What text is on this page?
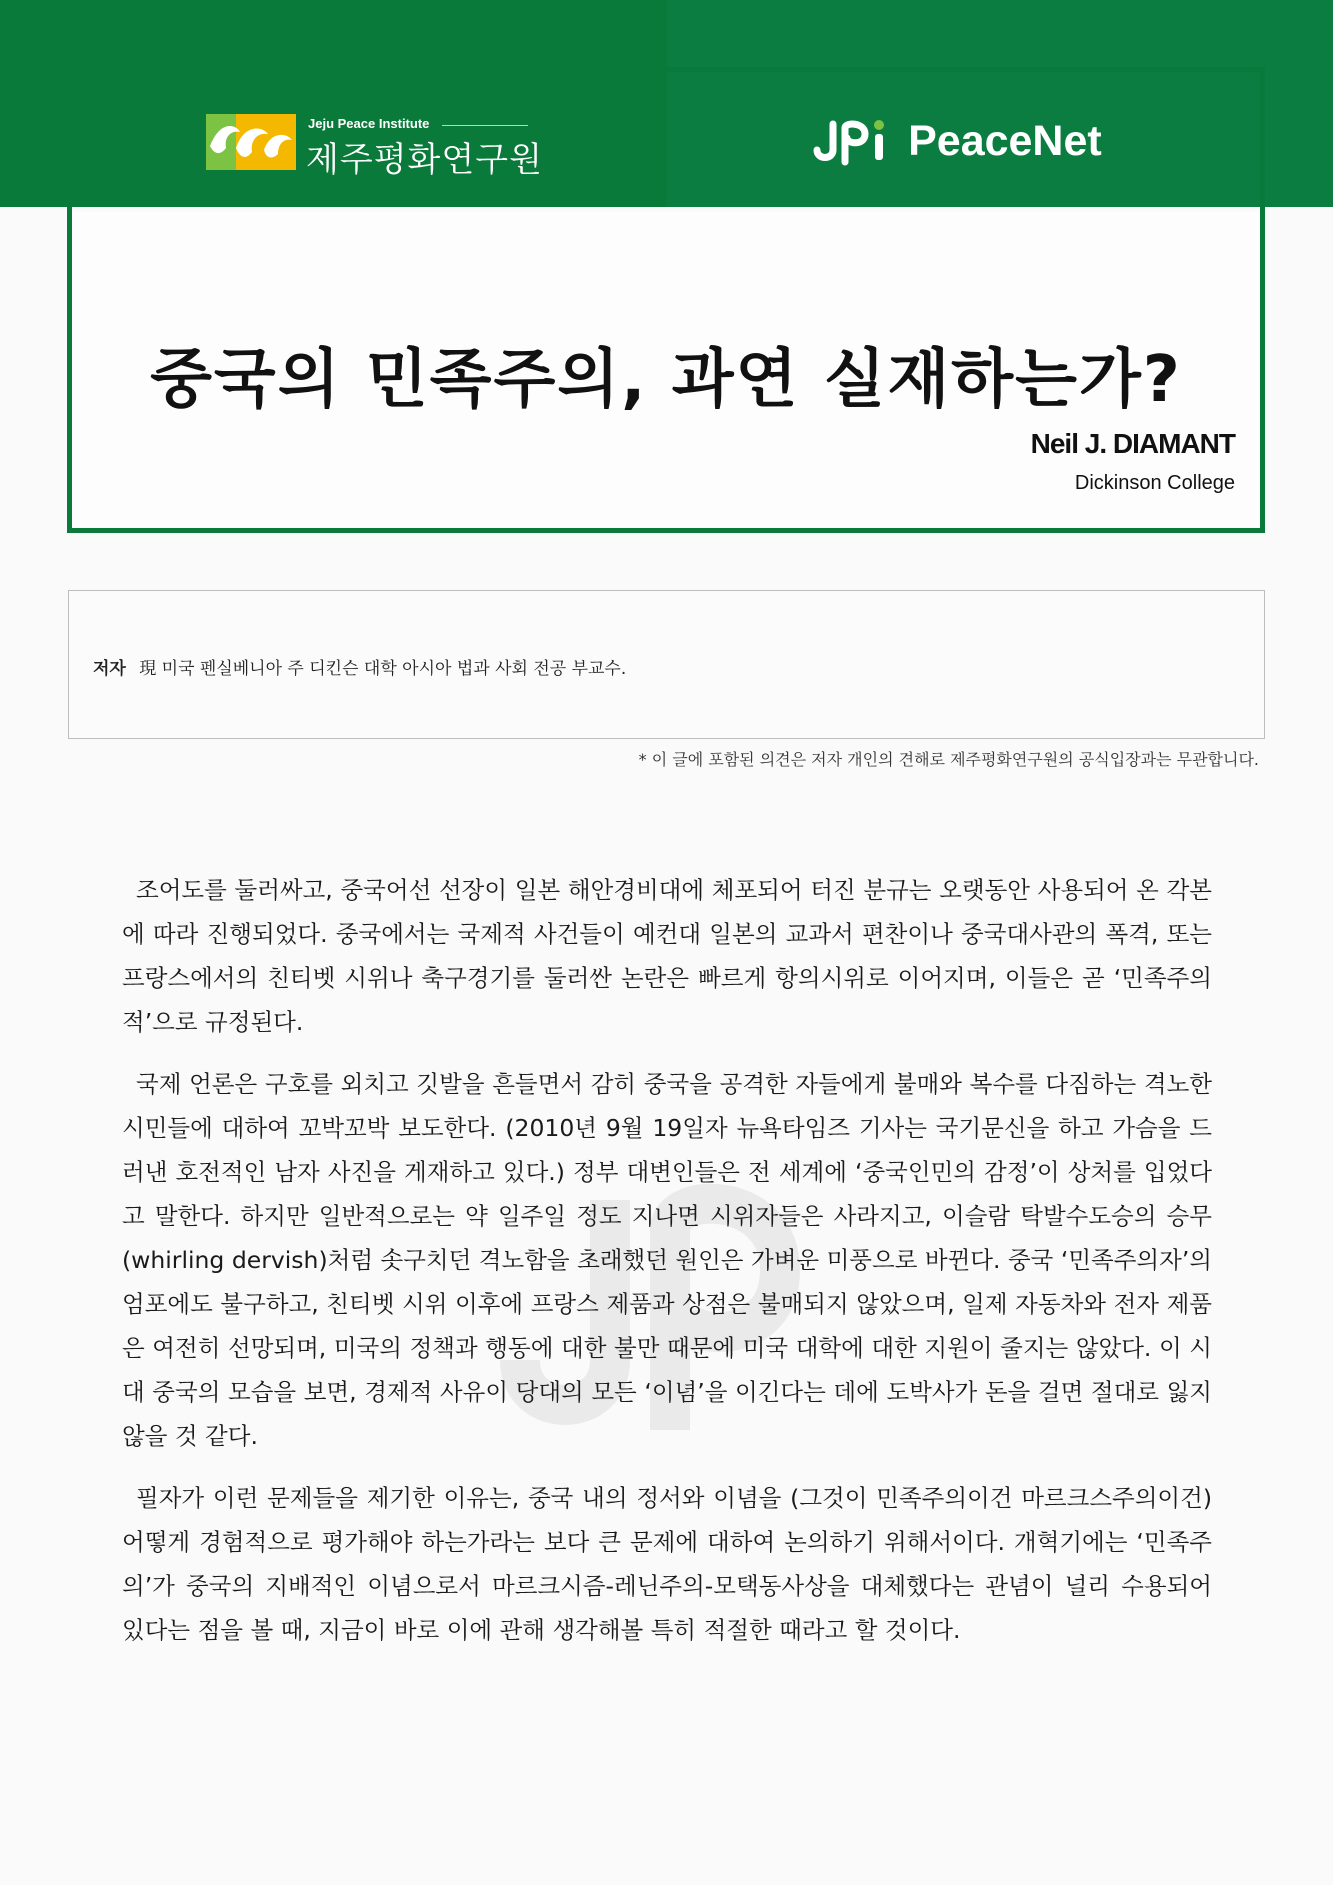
Jeju Peace Institute
제주평화연구원	PeaceNet
중국의 민족주의, 과연 실재하는가?
Neil J. DIAMANT
Dickinson College
저자 現 미국 펜실베니아 주 디킨슨 대학 아시아 법과 사회 전공 부교수.
* 이 글에 포함된 의견은 저자 개인의 견해로 제주평화연구원의 공식입장과는 무관합니다.

조어도를 둘러싸고, 중국어선 선장이 일본 해안경비대에 체포되어 터진 분규는 오랫동안 사용되어 온 각본에 따라 진행되었다. 중국에서는 국제적 사건들이 예컨대 일본의 교과서 편찬이나 중국대사관의 폭격, 또는 프랑스에서의 친티벳 시위나 축구경기를 둘러싼 논란은 빠르게 항의시위로 이어지며, 이들은 곧 ‘민족주의적’으로 규정된다.

국제 언론은 구호를 외치고 깃발을 흔들면서 감히 중국을 공격한 자들에게 불매와 복수를 다짐하는 격노한 시민들에 대하여 꼬박꼬박 보도한다. (2010년 9월 19일자 뉴욕타임즈 기사는 국기문신을 하고 가슴을 드러낸 호전적인 남자 사진을 게재하고 있다.) 정부 대변인들은 전 세계에 ‘중국인민의 감정’이 상처를 입었다고 말한다. 하지만 일반적으로는 약 일주일 정도 지나면 시위자들은 사라지고, 이슬람 탁발수도승의 승무(whirling dervish)처럼 솟구치던 격노함을 초래했던 원인은 가벼운 미풍으로 바뀐다. 중국 ‘민족주의자’의 엄포에도 불구하고, 친티벳 시위 이후에 프랑스 제품과 상점은 불매되지 않았으며, 일제 자동차와 전자 제품은 여전히 선망되며, 미국의 정책과 행동에 대한 불만 때문에 미국 대학에 대한 지원이 줄지는 않았다. 이 시대 중국의 모습을 보면, 경제적 사유이 당대의 모든 ‘이념’을 이긴다는 데에 도박사가 돈을 걸면 절대로 잃지 않을 것 같다.

필자가 이런 문제들을 제기한 이유는, 중국 내의 정서와 이념을 (그것이 민족주의이건 마르크스주의이건) 어떻게 경험적으로 평가해야 하는가라는 보다 큰 문제에 대하여 논의하기 위해서이다. 개혁기에는 ‘민족주의’가 중국의 지배적인 이념으로서 마르크시즘-레닌주의-모택동사상을 대체했다는 관념이 널리 수용되어 있다는 점을 볼 때, 지금이 바로 이에 관해 생각해볼 특히 적절한 때라고 할 것이다.
